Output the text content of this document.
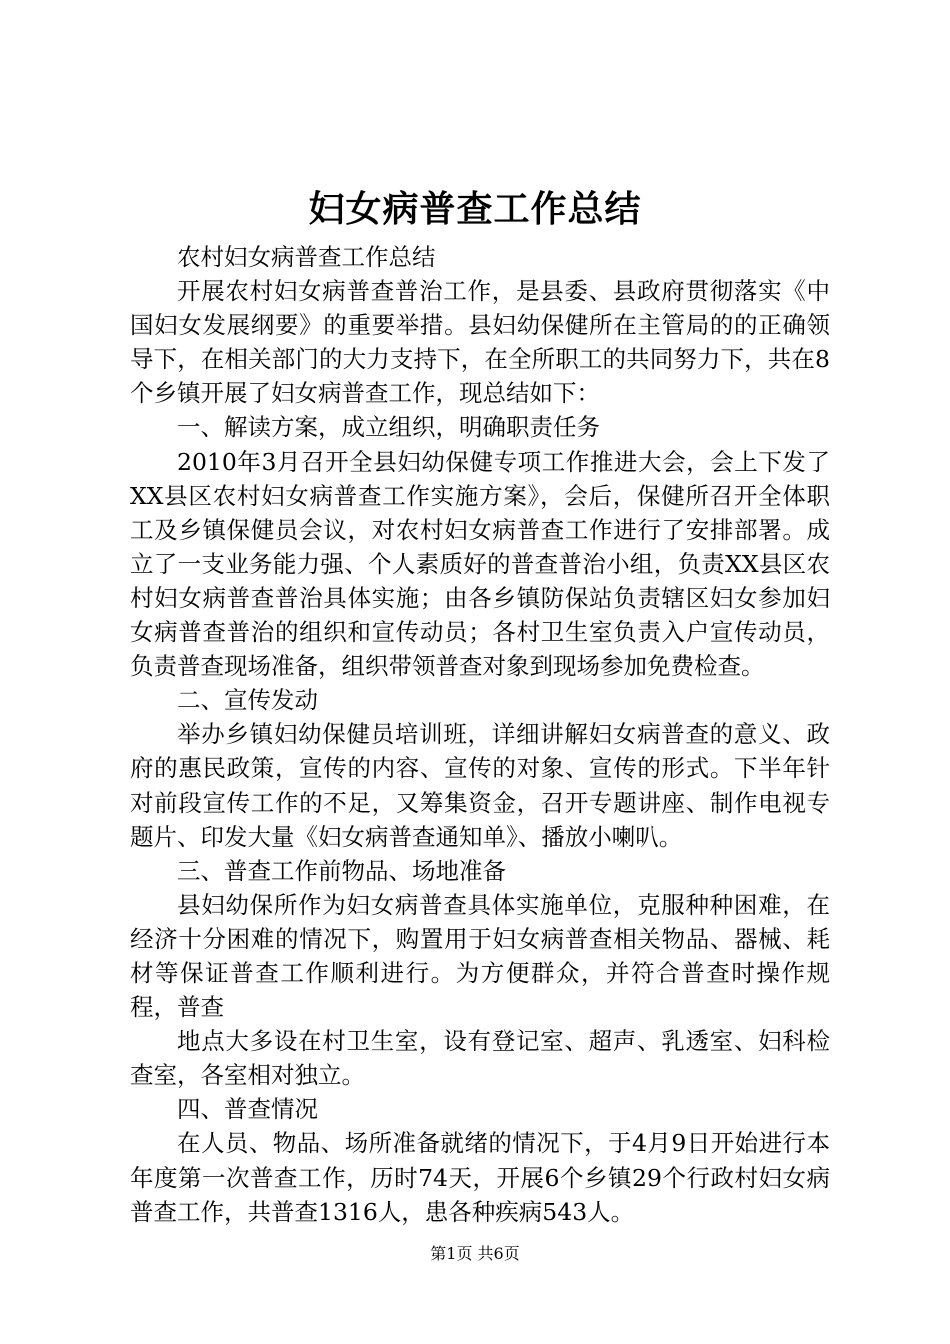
妇女病普查工作总结

农村妇女病普查工作总结

开展农村妇女病普查普治工作，是县委、县政府贯彻落实《中国妇女发展纲要》的重要举措。县妇幼保健所在主管局的的正确领导下，在相关部门的大力支持下，在全所职工的共同努力下，共在8个乡镇开展了妇女病普查工作，现总结如下：

一、解读方案，成立组织，明确职责任务

2010年3月召开全县妇幼保健专项工作推进大会，会上下发了XX县区农村妇女病普查工作实施方案》，会后，保健所召开全体职工及乡镇保健员会议，对农村妇女病普查工作进行了安排部署。成立了一支业务能力强、个人素质好的普查普治小组，负责XX县区农村妇女病普查普治具体实施；由各乡镇防保站负责辖区妇女参加妇女病普查普治的组织和宣传动员；各村卫生室负责入户宣传动员，负责普查现场准备，组织带领普查对象到现场参加免费检查。

二、宣传发动

举办乡镇妇幼保健员培训班，详细讲解妇女病普查的意义、政府的惠民政策，宣传的内容、宣传的对象、宣传的形式。下半年针对前段宣传工作的不足，又筹集资金，召开专题讲座、制作电视专题片、印发大量《妇女病普查通知单》、播放小喇叭。

三、普查工作前物品、场地准备

县妇幼保所作为妇女病普查具体实施单位，克服种种困难，在经济十分困难的情况下，购置用于妇女病普查相关物品、器械、耗材等保证普查工作顺利进行。为方便群众，并符合普查时操作规程，普查

地点大多设在村卫生室，设有登记室、超声、乳透室、妇科检查室，各室相对独立。

四、普查情况

在人员、物品、场所准备就绪的情况下，于4月9日开始进行本年度第一次普查工作，历时74天，开展6个乡镇29个行政村妇女病普查工作，共普查1316人，患各种疾病543人。

第1页 共6页
